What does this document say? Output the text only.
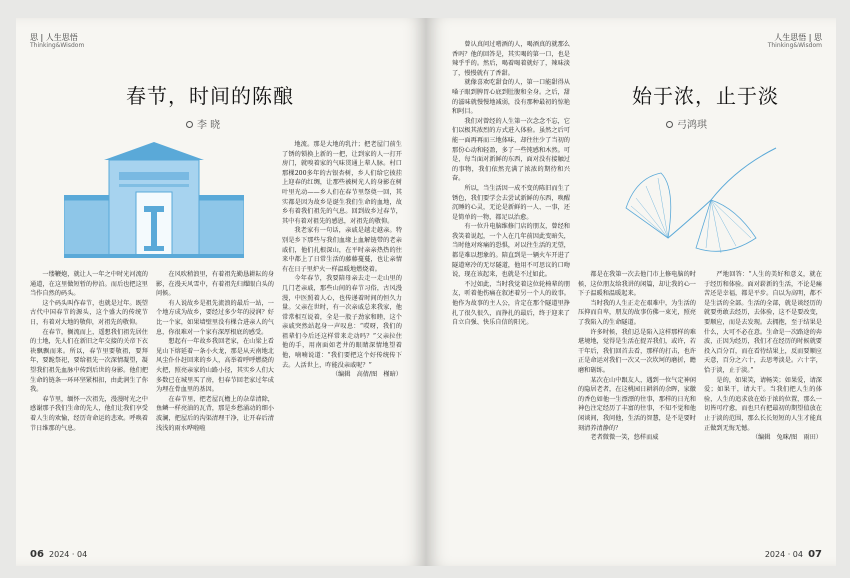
思 | 人生思悟
Thinking&Wisdom
春节，时间的陈酿
李 晓

一缕鞭炮，就让人一年之中时光河流的通道，在这里做短暂的停泊。而后也把这里当作自然的码头。

这个码头叫作春节，也就是过年。既望古代中国春节的源头，这个盛大的传统节日，有着对大地的敬仰，对祖先的敬仰。

在春节，搁流而上，遥想我们祖先居住的土地，先人们在新旧之年交接的关帝下衣袂飘飘而来。所以，春节里要敬祖，要拜年，要跪祭祀，要给祖先一次深情凝望，凝望我们祖先血脉中传到后世的身影。他们把生命的链条一环环坚紧相扣，由此润生了你我。

春节里，缅怀一次祖先，漫漫时光之中感谢那予我们生命的先人，他们让我们享受着人生的欢愉，经历奇命运的悲欢。呼唤着节日维那的气息。

在风吹稍浪里，有着祖先勤恳耕耘的身影，在漫天风雪中，有着祖先归耀眼白头的问候。

有人说故乡是祖先流浪的最后一站，一个地方成为故乡，要经过多少年的浸润？好比一个家，如果墙壁里没有棵合进亲人的气息，你很难对一个家有深厚根底的感受。

想起有一年故乡我回老家，在山梁上看见山下熔延着一条小火龙，那是从天南地北风尘仆仆赶回来的乡人，高举着呼呼燃烧的火把，照亮亲家的山路小径，其实乡人们大多数已在城里买了房，但春节回老家过年成为埋在骨血里的基因。

在春节里，把老屋瓦檐上的杂草清除，鱼鳞一样亮油的瓦背，那是乡愁涌动的细小波澜，把屋后的沟渠清理干净，让开春后清浅浅的雨水哗啦啦

地流。那是大地的乳汁；把老屋门前生了锈的锁换上新的一把，让到家的人一打开房门，就嗅着家的气味贯通上辈人脉。村口那棵200多年的古银杏树，乡人们给它披挂上迎春的红绸，让那些被树光人的身影在树叶里光动——乡人们在春节里祭奠一回，其实都是因为故乡是诞生我们生命的血地，故乡有着我们祖先的气息。回到故乡过春节，其中有着对祖先的感恩，对祖先的敬仰。

我老家有一句话，亲戚是越走越亲。特别是乡下那些与我们血缘上血解链带的老亲戚们，他们扎根深山，在平时亲亲热热的往来中都上了日常生活的藤藤蔓蔓，也让亲情有在日子里炉火一样温暖地燃烧着。

今年春节，我要陪母亲去走一走山里的几门老亲戚，那些山间的春节习俗，古风漫漫，中医照着人心，也传递着时间的恒久力量。父亲在世时，有一次亲戚总来我家，他常常相互说着，全是一股子劲家和睦，这个亲戚突然站起身一声叹息：“哎呀，我们的祖辈们今后还这样常来走动吗？”父亲拉住他的手，用南面如老井的眼睛深情地望着他，喃喃说道：“我们要把这个好传统传下去。人活世上，咋能没亲戚呢？”

（编辑　高倩/图　槿暗）

06 2024 · 04
人生思悟 | 思
Thinking&Wisdom
始于浓，止于淡
弓鸿琪

曾认真问过嗜酒的人，喝酒真的就那么香吗？他的回答是，其实喝的第一口，也是辣乎乎的。然后，喝着喝着就好了，辣味淡了，慢慢就有了香甜。

就像喜欢吃甜食的人，第一口能甜得从嗓子眼到脾胃心底到肚腹和全身。之后，甜的滋味就慢慢地减弱，没有那种最初的惊艳和阿目。

我们对曾经的人生第一次念念不忘，它们以极其浓烈的方式进入体验。虽然之后可能一面再再而三地体味，却往往少了当初的那份心动和轻盈，多了一些钝感和木然。可是，每当面对新鲜的东西，面对没有接触过的事物，我们依然充满了浓浓的期待和兴奋。

所以，当生活因一成不变的陈旧而生了锈色，我们要学会去尝试新鲜的东西，唤醒沉睡的心灵，无论是新鲜的一人、一事，还是简单的一物，都足以治愈。

有一位升电脑维修门店的朋友，曾经和我笑着说起，一个人在几年前因此变暗失，当时他对疼痛的恐惧，对以往生活的无望，都是难以想象的。陪直到是一辆火车开进了隧道寒冷的无尽隧道，他用不可思议的口吻说，现在该起来，也就是不过如此。

不过如此，当时我觉着这位轮椅辈的朋友，听着他伤痛在叙述着另一个人的故事。他作为故事的主人公，肯定在那个隧道里挣扎了很久很久，而挣扎的最后，终于迎来了自立自强、快乐自信的阳光。

都是在我第一次去他门市上修电脑的时候，这位朋友给我讲的闲篇，却让我的心一下子温暖和温暖起来。

当时我的人生正走在艰难中，为生活的压抑而自卑，朋友的故事仿佛一束光，照亮了我陷入的生命隧道。

许多时候，我们总是陷入这样那样的难堪境地，觉得是生活在捉弄我们，或许，若干年后，我们回首去看，那样的打击，也许正是命运对我们一次又一次坎坷的磨折，瞻磨和砺练。

某次在山中跟友人，遇到一位气定神闲的隐居老者，在这桃园日耕斜的余晖，家徽的香色如他一生漂漂的往事，那样的日光和神色注定经历了丰富的往事，不知不觉和他闲谈间，我问他，生活的智慧，是不是要时刻清养清静的？

老者微微一笑，悠样而威

严地回答：“人生的美好和意义，就在于经历和体验。面对崭新的生活，不论是痛苦还是幸福，都是平步。自以为高明，都不是生活的全部。生活的全部，就是谈经历的就要勇敢去经历，去体验，这不是要改变，要顺应，而是去发现。去拥抱，至于结果是什么，大可不必在意。生命是一次路途的奔波，正因为经历，我们才在经历的时候就要投入百分百，而在看待结果上，反而要顺应天意，百分之六十，去思考淡是。六十字，恰于淡，止于淡。”

是的，如果笑，请畅笑；如果爱，请深爱；如果干，请大干。当我们把人生的体验，人生的追求放在始于浓的位置，那么一切皆可疗愈，而也只有把最初的期望值放在止于淡的范围，那么长长短短的人生才能真正做到无悔无憾。

（编辑　兔咪/图　雨田）

2024 · 04 07
